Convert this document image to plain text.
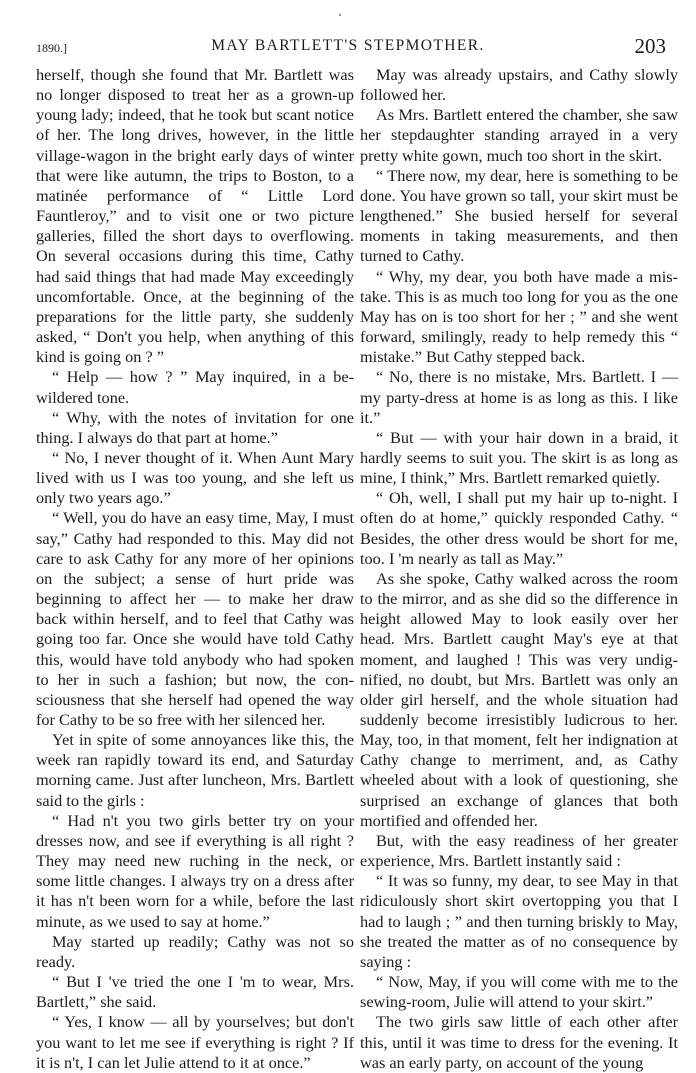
1890.]	MAY BARTLETT'S STEPMOTHER.	203

herself, though she found that Mr. Bartlett was no longer disposed to treat her as a grown-up young lady; indeed, that he took but scant notice of her. The long drives, however, in the little village-wagon in the bright early days of winter that were like autumn, the trips to Boston, to a matinée performance of “ Little Lord Fauntleroy,” and to visit one or two picture galleries, filled the short days to overflowing. On several occasions during this time, Cathy had said things that had made May exceedingly uncomfortable. Once, at the beginning of the preparations for the little party, she suddenly asked, “ Don't you help, when anything of this kind is going on ? ”

“ Help — how ? ” May inquired, in a bewildered tone.

“ Why, with the notes of invitation for one thing. I always do that part at home.”

“ No, I never thought of it. When Aunt Mary lived with us I was too young, and she left us only two years ago.”

“ Well, you do have an easy time, May, I must say,” Cathy had responded to this. May did not care to ask Cathy for any more of her opinions on the subject; a sense of hurt pride was beginning to affect her — to make her draw back within herself, and to feel that Cathy was going too far. Once she would have told Cathy this, would have told anybody who had spoken to her in such a fashion; but now, the consciousness that she herself had opened the way for Cathy to be so free with her silenced her.

Yet in spite of some annoyances like this, the week ran rapidly toward its end, and Saturday morning came. Just after luncheon, Mrs. Bartlett said to the girls :

“ Had n't you two girls better try on your dresses now, and see if everything is all right ? They may need new ruching in the neck, or some little changes. I always try on a dress after it has n't been worn for a while, before the last minute, as we used to say at home.”

May started up readily; Cathy was not so ready.

“ But I 've tried the one I 'm to wear, Mrs. Bartlett,” she said.

“ Yes, I know — all by yourselves; but don't you want to let me see if everything is right ? If it is n't, I can let Julie attend to it at once.”

May was already upstairs, and Cathy slowly followed her.

As Mrs. Bartlett entered the chamber, she saw her stepdaughter standing arrayed in a very pretty white gown, much too short in the skirt.

“ There now, my dear, here is something to be done. You have grown so tall, your skirt must be lengthened.” She busied herself for several moments in taking measurements, and then turned to Cathy.

“ Why, my dear, you both have made a mistake. This is as much too long for you as the one May has on is too short for her ; ” and she went forward, smilingly, ready to help remedy this “ mistake.” But Cathy stepped back.

“ No, there is no mistake, Mrs. Bartlett. I — my party-dress at home is as long as this. I like it.”

“ But — with your hair down in a braid, it hardly seems to suit you. The skirt is as long as mine, I think,” Mrs. Bartlett remarked quietly.

“ Oh, well, I shall put my hair up to-night. I often do at home,” quickly responded Cathy. “ Besides, the other dress would be short for me, too. I 'm nearly as tall as May.”

As she spoke, Cathy walked across the room to the mirror, and as she did so the difference in height allowed May to look easily over her head. Mrs. Bartlett caught May's eye at that moment, and laughed ! This was very undignified, no doubt, but Mrs. Bartlett was only an older girl herself, and the whole situation had suddenly become irresistibly ludicrous to her. May, too, in that moment, felt her indignation at Cathy change to merriment, and, as Cathy wheeled about with a look of questioning, she surprised an exchange of glances that both mortified and offended her.

But, with the easy readiness of her greater experience, Mrs. Bartlett instantly said :

“ It was so funny, my dear, to see May in that ridiculously short skirt overtopping you that I had to laugh ; ” and then turning briskly to May, she treated the matter as of no consequence by saying :

“ Now, May, if you will come with me to the sewing-room, Julie will attend to your skirt.”

The two girls saw little of each other after this, until it was time to dress for the evening. It was an early party, on account of the young
